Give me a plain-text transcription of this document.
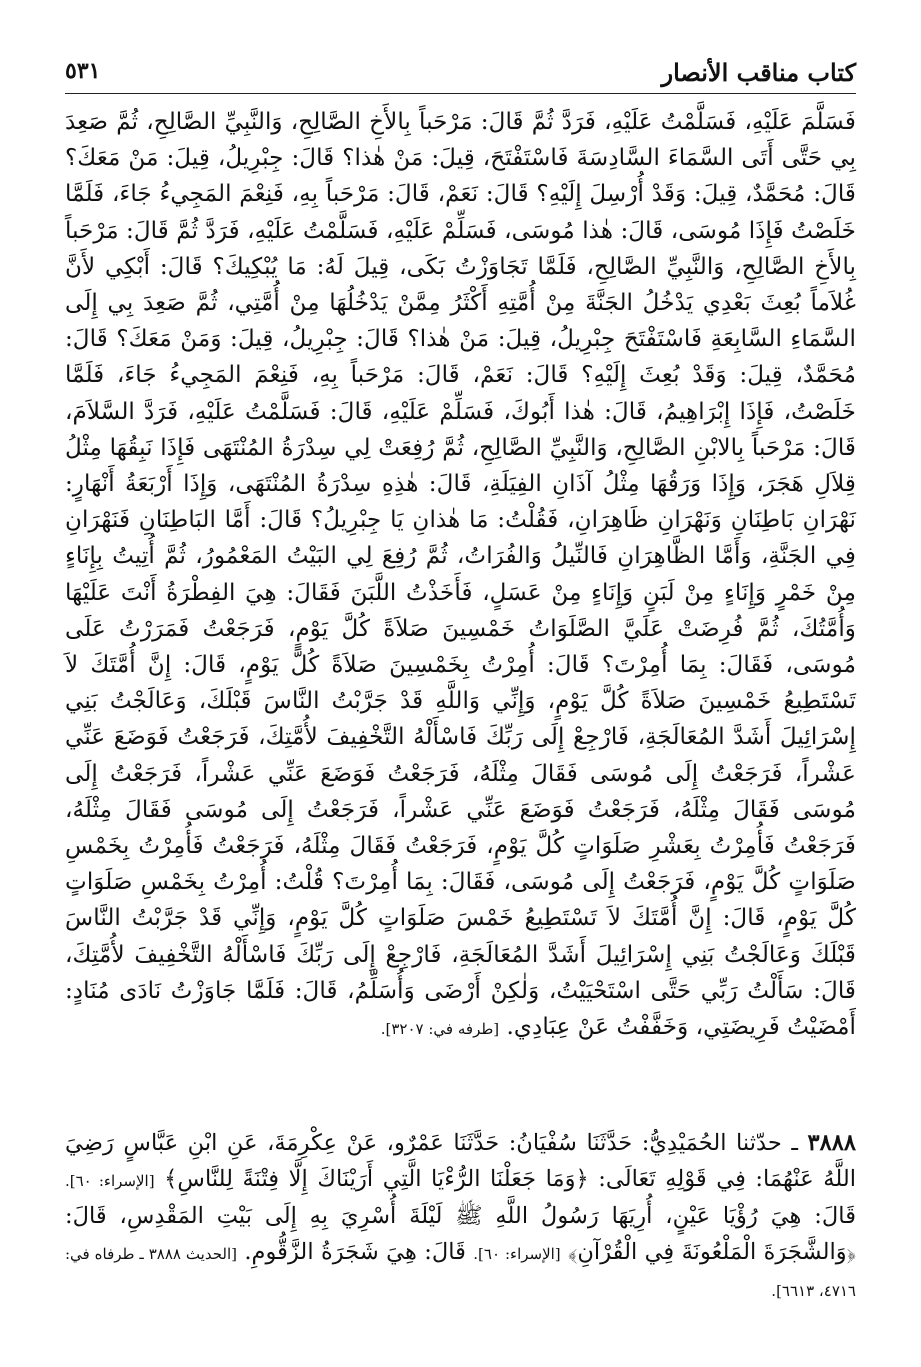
كتاب مناقب الأنصار
٥٣١

فَسَلَّمَ عَلَيْهِ، فَسَلَّمْتُ عَلَيْهِ، فَرَدَّ ثُمَّ قَالَ: مَرْحَباً بِالأَخِ الصَّالِحِ، وَالنَّبِيِّ الصَّالِحِ، ثُمَّ صَعِدَ بِي حَتَّى أَتَى السَّمَاءَ السَّادِسَةَ فَاسْتَفْتَحَ، قِيلَ: مَنْ هٰذا؟ قَالَ: جِبْرِيلُ، قِيلَ: مَنْ مَعَكَ؟ قَالَ: مُحَمَّدٌ، قِيلَ: وَقَدْ أُرْسِلَ إِلَيْهِ؟ قَالَ: نَعَمْ، قَالَ: مَرْحَباً بِهِ، فَنِعْمَ المَجِيءُ جَاءَ، فَلَمَّا خَلَصْتُ فَإِذَا مُوسَى، قَالَ: هٰذا مُوسَى، فَسَلِّمْ عَلَيْهِ، فَسَلَّمْتُ عَلَيْهِ، فَرَدَّ ثُمَّ قَالَ: مَرْحَباً بِالأَخِ الصَّالِحِ، وَالنَّبِيِّ الصَّالِحِ، فَلَمَّا تَجَاوَزْتُ بَكَى، قِيلَ لَهُ: مَا يُبْكِيكَ؟ قَالَ: أَبْكِي لأَنَّ غُلاَماً بُعِثَ بَعْدِي يَدْخُلُ الجَنَّةَ مِنْ أُمَّتِهِ أَكْثَرُ مِمَّنْ يَدْخُلُهَا مِنْ أُمَّتِي، ثُمَّ صَعِدَ بِي إِلَى السَّمَاءِ السَّابِعَةِ فَاسْتَفْتَحَ جِبْرِيلُ، قِيلَ: مَنْ هٰذا؟ قَالَ: جِبْرِيلُ، قِيلَ: وَمَنْ مَعَكَ؟ قَالَ: مُحَمَّدٌ، قِيلَ: وَقَدْ بُعِثَ إِلَيْهِ؟ قَالَ: نَعَمْ، قَالَ: مَرْحَباً بِهِ، فَنِعْمَ المَجِيءُ جَاءَ، فَلَمَّا خَلَصْتُ، فَإِذَا إِبْرَاهِيمُ، قَالَ: هٰذا أَبُوكَ، فَسَلِّمْ عَلَيْهِ، قَالَ: فَسَلَّمْتُ عَلَيْهِ، فَرَدَّ السَّلاَمَ، قَالَ: مَرْحَباً بِالابْنِ الصَّالِحِ، وَالنَّبِيِّ الصَّالِحِ، ثُمَّ رُفِعَتْ لِي سِدْرَةُ المُنْتَهَى فَإِذَا نَبِقُهَا مِثْلُ قِلاَلِ هَجَرَ، وَإِذَا وَرَقُهَا مِثْلُ آذَانِ الفِيَلَةِ، قَالَ: هٰذِهِ سِدْرَةُ المُنْتَهَى، وَإِذَا أَرْبَعَةُ أَنْهَارٍ: نَهْرَانِ بَاطِنَانِ وَنَهْرَانِ ظَاهِرَانِ، فَقُلْتُ: مَا هٰذانِ يَا جِبْرِيلُ؟ قَالَ: أَمَّا البَاطِنَانِ فَنَهْرَانِ فِي الجَنَّةِ، وَأَمَّا الظَّاهِرَانِ فَالنِّيلُ وَالفُرَاتُ، ثُمَّ رُفِعَ لِي البَيْتُ المَعْمُورُ، ثُمَّ أُتِيتُ بِإِنَاءٍ مِنْ خَمْرٍ وَإِنَاءٍ مِنْ لَبَنٍ وَإِنَاءٍ مِنْ عَسَلٍ، فَأَخَذْتُ اللَّبَنَ فَقَالَ: هِيَ الفِطْرَةُ أَنْتَ عَلَيْهَا وَأُمَّتُكَ، ثُمَّ فُرِضَتْ عَلَيَّ الصَّلَوَاتُ خَمْسِينَ صَلاَةً كُلَّ يَوْمٍ، فَرَجَعْتُ فَمَرَرْتُ عَلَى مُوسَى، فَقَالَ: بِمَا أُمِرْتَ؟ قَالَ: أُمِرْتُ بِخَمْسِينَ صَلاَةً كُلَّ يَوْمٍ، قَالَ: إِنَّ أُمَّتَكَ لاَ تَسْتَطِيعُ خَمْسِينَ صَلاَةً كُلَّ يَوْمٍ، وَإِنِّي وَاللَّهِ قَدْ جَرَّبْتُ النَّاسَ قَبْلَكَ، وَعَالَجْتُ بَنِي إِسْرَائِيلَ أَشَدَّ المُعَالَجَةِ، فَارْجِعْ إِلَى رَبِّكَ فَاسْأَلْهُ التَّخْفِيفَ لأُمَّتِكَ، فَرَجَعْتُ فَوَضَعَ عَنِّي عَشْراً، فَرَجَعْتُ إِلَى مُوسَى فَقَالَ مِثْلَهُ، فَرَجَعْتُ فَوَضَعَ عَنِّي عَشْراً، فَرَجَعْتُ إِلَى مُوسَى فَقَالَ مِثْلَهُ، فَرَجَعْتُ فَوَضَعَ عَنِّي عَشْراً، فَرَجَعْتُ إِلَى مُوسَى فَقَالَ مِثْلَهُ، فَرَجَعْتُ فَأُمِرْتُ بِعَشْرِ صَلَوَاتٍ كُلَّ يَوْمٍ، فَرَجَعْتُ فَقَالَ مِثْلَهُ، فَرَجَعْتُ فَأُمِرْتُ بِخَمْسِ صَلَوَاتٍ كُلَّ يَوْمٍ، فَرَجَعْتُ إِلَى مُوسَى، فَقَالَ: بِمَا أُمِرْتَ؟ قُلْتُ: أُمِرْتُ بِخَمْسِ صَلَوَاتٍ كُلَّ يَوْمٍ، قَالَ: إِنَّ أُمَّتَكَ لاَ تَسْتَطِيعُ خَمْسَ صَلَوَاتٍ كُلَّ يَوْمٍ، وَإِنِّي قَدْ جَرَّبْتُ النَّاسَ قَبْلَكَ وَعَالَجْتُ بَنِي إِسْرَائِيلَ أَشَدَّ المُعَالَجَةِ، فَارْجِعْ إِلَى رَبِّكَ فَاسْأَلْهُ التَّخْفِيفَ لأُمَّتِكَ، قَالَ: سَأَلْتُ رَبِّي حَتَّى اسْتَحْيَيْتُ، وَلٰكِنْ أَرْضَى وَأُسَلِّمُ، قَالَ: فَلَمَّا جَاوَزْتُ نَادَى مُنَادٍ: أَمْضَيْتُ فَرِيضَتِي، وَخَفَّفْتُ عَنْ عِبَادِي. [طرفه في: ٣٢٠٧].

٣٨٨٨ ـ حدّثنا الحُمَيْدِيُّ: حَدَّثَنَا سُفْيَانُ: حَدَّثَنَا عَمْرٌو، عَنْ عِكْرِمَةَ، عَنِ ابْنِ عَبَّاسٍ رَضِيَ اللَّهُ عَنْهُمَا: فِي قَوْلِهِ تَعَالَى: ﴿وَمَا جَعَلْنَا الرُّءْيَا الَّتِي أَرَيْنَاكَ إِلَّا فِتْنَةً لِلنَّاسِ﴾ [الإسراء: ٦٠]. قَالَ: هِيَ رُؤْيَا عَيْنٍ، أُرِيَهَا رَسُولُ اللَّهِ ﷺ لَيْلَةَ أُسْرِيَ بِهِ إِلَى بَيْتِ المَقْدِسِ، قَالَ: ﴿وَالشَّجَرَةَ الْمَلْعُونَةَ فِي الْقُرْآنِ﴾ [الإسراء: ٦٠]. قَالَ: هِيَ شَجَرَةُ الزَّقُّومِ. [الحديث ٣٨٨٨ ـ طرفاه في: ٤٧١٦، ٦٦١٣].
